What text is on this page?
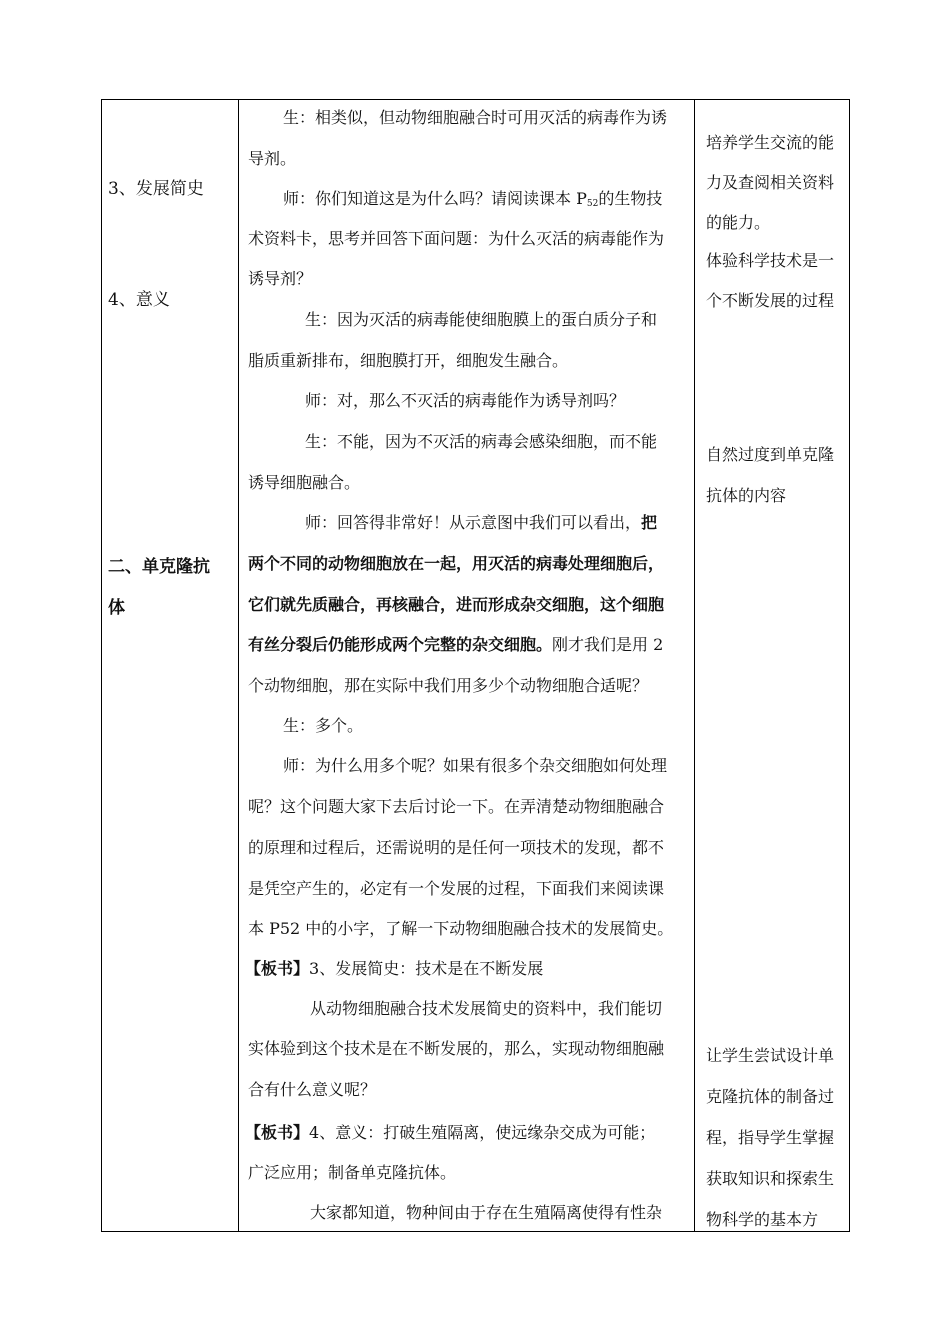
3、发展简史
4、意义
二、单克隆抗
体
生：相类似，但动物细胞融合时可用灭活的病毒作为诱
导剂。
师：你们知道这是为什么吗？请阅读课本 $P_{52}$的生物技
术资料卡，思考并回答下面问题：为什么灭活的病毒能作为
诱导剂？
生：因为灭活的病毒能使细胞膜上的蛋白质分子和
脂质重新排布，细胞膜打开，细胞发生融合。
师：对，那么不灭活的病毒能作为诱导剂吗？
生：不能，因为不灭活的病毒会感染细胞，而不能
诱导细胞融合。
师：回答得非常好！从示意图中我们可以看出，把
两个不同的动物细胞放在一起，用灭活的病毒处理细胞后，
它们就先质融合，再核融合，进而形成杂交细胞，这个细胞
有丝分裂后仍能形成两个完整的杂交细胞。刚才我们是用 2
个动物细胞，那在实际中我们用多少个动物细胞合适呢？
生：多个。
师：为什么用多个呢？如果有很多个杂交细胞如何处理
呢？这个问题大家下去后讨论一下。在弄清楚动物细胞融合
的原理和过程后，还需说明的是任何一项技术的发现，都不
是凭空产生的，必定有一个发展的过程，下面我们来阅读课
本 P52 中的小字，了解一下动物细胞融合技术的发展简史。
【板书】3、发展简史：技术是在不断发展
从动物细胞融合技术发展简史的资料中，我们能切
实体验到这个技术是在不断发展的，那么，实现动物细胞融
合有什么意义呢？
【板书】4、意义：打破生殖隔离，使远缘杂交成为可能；
广泛应用；制备单克隆抗体。
大家都知道，物种间由于存在生殖隔离使得有性杂
培养学生交流的能
力及查阅相关资料
的能力。
体验科学技术是一
个不断发展的过程
自然过度到单克隆
抗体的内容
让学生尝试设计单
克隆抗体的制备过
程，指导学生掌握
获取知识和探索生
物科学的基本方
